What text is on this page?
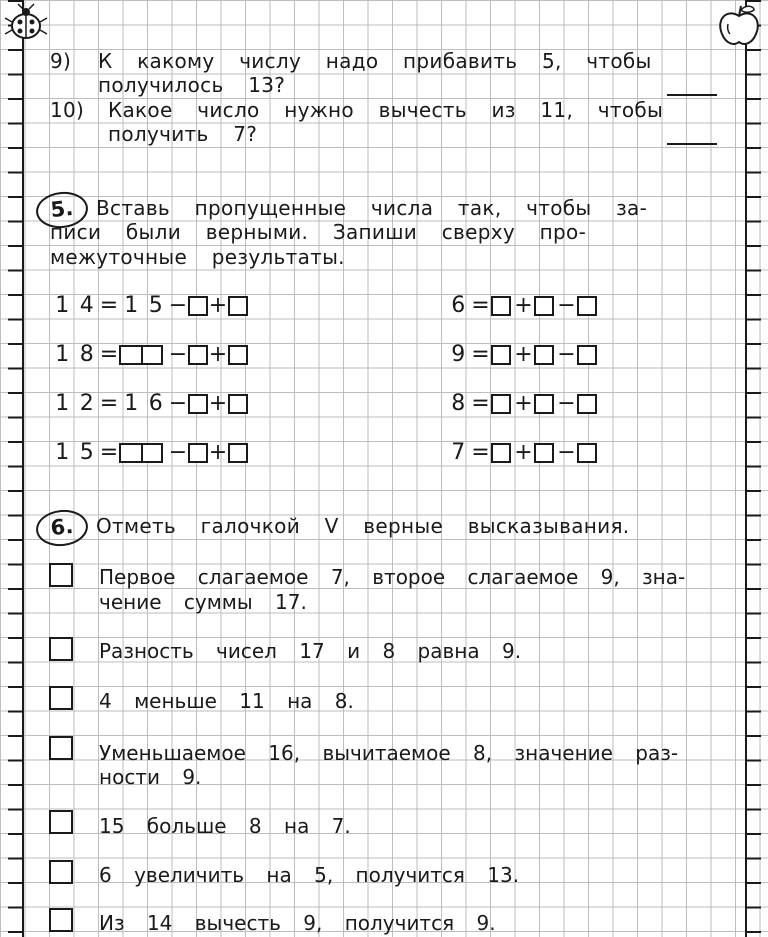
9) К какому числу надо прибавить 5, чтобы
получилось 13?
10) Какое число нужно вычесть из 11, чтобы
получить 7?
5.	Вставь пропущенные числа так, чтобы за-
писи были верными. Запиши сверху про-
межуточные результаты.
1 4 = 1 5 − +
1 8 = − +
1 2 = 1 6 − +
1 5 = − +
6 = + −
9 = + −
8 = + −
7 = + −
6.	Отметь галочкой V верные высказывания.
Первое слагаемое 7, второе слагаемое 9, зна-
чение суммы 17.
Разность чисел 17 и 8 равна 9.
4 меньше 11 на 8.
Уменьшаемое 16, вычитаемое 8, значение раз-
ности 9.
15 больше 8 на 7.
6 увеличить на 5, получится 13.
Из 14 вычесть 9, получится 9.
